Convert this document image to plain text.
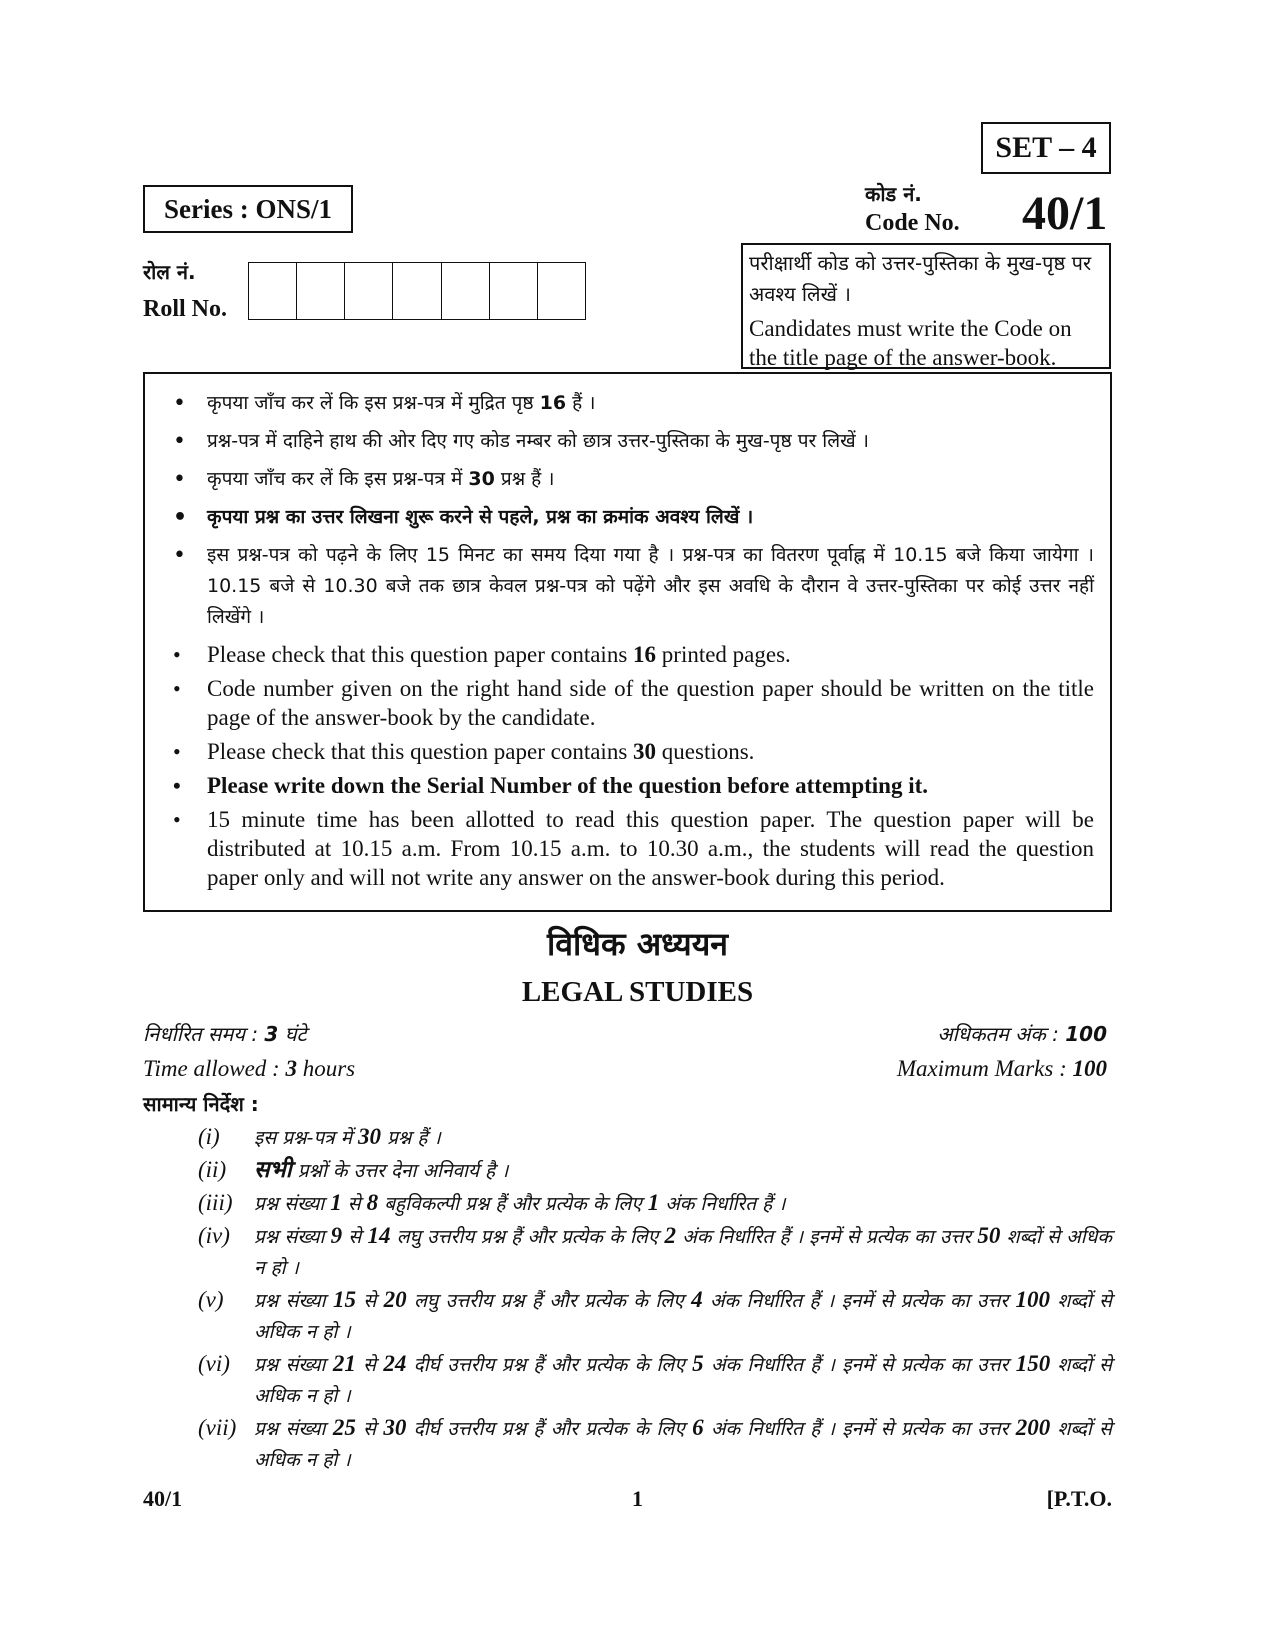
SET – 4
Series : ONS/1	कोड नं.
Code No. 40/1
रोल नं.
Roll No.
परीक्षार्थी कोड को उत्तर-पुस्तिका के मुख-पृष्ठ पर अवश्य लिखें ।
Candidates must write the Code on the title page of the answer-book.
• कृपया जाँच कर लें कि इस प्रश्न-पत्र में मुद्रित पृष्ठ 16 हैं ।
• प्रश्न-पत्र में दाहिने हाथ की ओर दिए गए कोड नम्बर को छात्र उत्तर-पुस्तिका के मुख-पृष्ठ पर लिखें ।
• कृपया जाँच कर लें कि इस प्रश्न-पत्र में 30 प्रश्न हैं ।
• कृपया प्रश्न का उत्तर लिखना शुरू करने से पहले, प्रश्न का क्रमांक अवश्य लिखें ।
• इस प्रश्न-पत्र को पढ़ने के लिए 15 मिनट का समय दिया गया है । प्रश्न-पत्र का वितरण पूर्वाह्न में 10.15 बजे किया जायेगा । 10.15 बजे से 10.30 बजे तक छात्र केवल प्रश्न-पत्र को पढ़ेंगे और इस अवधि के दौरान वे उत्तर-पुस्तिका पर कोई उत्तर नहीं लिखेंगे ।
• Please check that this question paper contains 16 printed pages.
• Code number given on the right hand side of the question paper should be written on the title page of the answer-book by the candidate.
• Please check that this question paper contains 30 questions.
• Please write down the Serial Number of the question before attempting it.
• 15 minute time has been allotted to read this question paper. The question paper will be distributed at 10.15 a.m. From 10.15 a.m. to 10.30 a.m., the students will read the question paper only and will not write any answer on the answer-book during this period.
विधिक अध्ययन
LEGAL STUDIES
निर्धारित समय : 3 घंटे	अधिकतम अंक : 100
Time allowed : 3 hours	Maximum Marks : 100
सामान्य निर्देश :
(i)	इस प्रश्न-पत्र में 30 प्रश्न हैं ।
(ii)	सभी प्रश्नों के उत्तर देना अनिवार्य है ।
(iii)	प्रश्न संख्या 1 से 8 बहुविकल्पी प्रश्न हैं और प्रत्येक के लिए 1 अंक निर्धारित हैं ।
(iv)	प्रश्न संख्या 9 से 14 लघु उत्तरीय प्रश्न हैं और प्रत्येक के लिए 2 अंक निर्धारित हैं । इनमें से प्रत्येक का उत्तर 50 शब्दों से अधिक न हो ।
(v)	प्रश्न संख्या 15 से 20 लघु उत्तरीय प्रश्न हैं और प्रत्येक के लिए 4 अंक निर्धारित हैं । इनमें से प्रत्येक का उत्तर 100 शब्दों से अधिक न हो ।
(vi)	प्रश्न संख्या 21 से 24 दीर्घ उत्तरीय प्रश्न हैं और प्रत्येक के लिए 5 अंक निर्धारित हैं । इनमें से प्रत्येक का उत्तर 150 शब्दों से अधिक न हो ।
(vii) प्रश्न संख्या 25 से 30 दीर्घ उत्तरीय प्रश्न हैं और प्रत्येक के लिए 6 अंक निर्धारित हैं । इनमें से प्रत्येक का उत्तर 200 शब्दों से अधिक न हो ।
40/1	1	[P.T.O.
